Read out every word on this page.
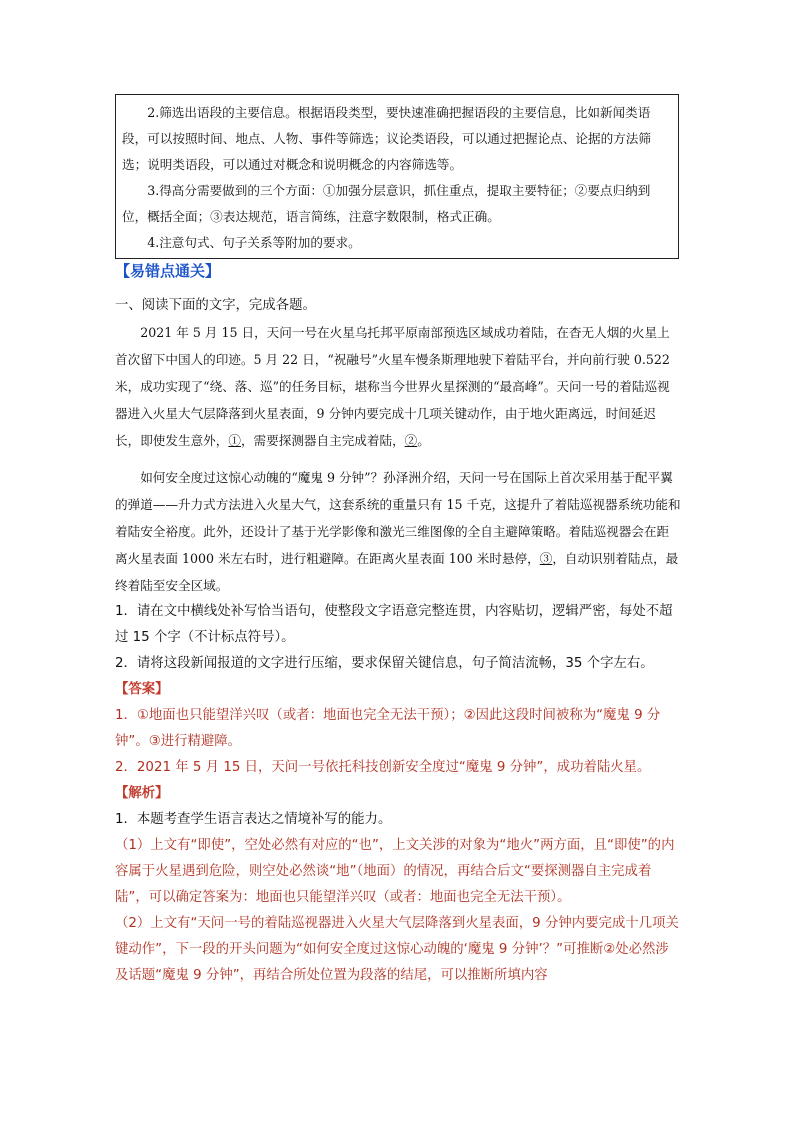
2.筛选出语段的主要信息。根据语段类型，要快速准确把握语段的主要信息，比如新闻类语段，可以按照时间、地点、人物、事件等筛选；议论类语段，可以通过把握论点、论据的方法筛选；说明类语段，可以通过对概念和说明概念的内容筛选等。

3.得高分需要做到的三个方面：①加强分层意识，抓住重点，提取主要特征；②要点归纳到位，概括全面；③表达规范，语言简练，注意字数限制，格式正确。

4.注意句式、句子关系等附加的要求。

【易错点通关】

一、阅读下面的文字，完成各题。

2021 年 5 月 15 日，天问一号在火星乌托邦平原南部预选区域成功着陆，在杳无人烟的火星上首次留下中国人的印迹。5 月 22 日，“祝融号”火星车慢条斯理地驶下着陆平台，并向前行驶 0.522 米，成功实现了“绕、落、巡”的任务目标，堪称当今世界火星探测的“最高峰”。天问一号的着陆巡视器进入火星大气层降落到火星表面，9 分钟内要完成十几项关键动作，由于地火距离远，时间延迟长，即使发生意外，①，需要探测器自主完成着陆，②。

如何安全度过这惊心动魄的“魔鬼 9 分钟”？孙泽洲介绍，天问一号在国际上首次采用基于配平翼的弹道——升力式方法进入火星大气，这套系统的重量只有 15 千克，这提升了着陆巡视器系统功能和着陆安全裕度。此外，还设计了基于光学影像和激光三维图像的全自主避障策略。着陆巡视器会在距离火星表面 1000 米左右时，进行粗避障。在距离火星表面 100 米时悬停，③，自动识别着陆点，最终着陆至安全区域。

1．请在文中横线处补写恰当语句，使整段文字语意完整连贯，内容贴切，逻辑严密，每处不超过 15 个字（不计标点符号）。

2．请将这段新闻报道的文字进行压缩，要求保留关键信息，句子简洁流畅，35 个字左右。

【答案】

1．①地面也只能望洋兴叹（或者：地面也完全无法干预）；②因此这段时间被称为“魔鬼 9 分钟”。③进行精避障。

2．2021 年 5 月 15 日，天问一号依托科技创新安全度过“魔鬼 9 分钟”，成功着陆火星。

【解析】

1．本题考查学生语言表达之情境补写的能力。

（1）上文有“即使”，空处必然有对应的“也”，上文关涉的对象为“地火”两方面，且“即使”的内容属于火星遇到危险，则空处必然谈“地”（地面）的情况，再结合后文“要探测器自主完成着陆”，可以确定答案为：地面也只能望洋兴叹（或者：地面也完全无法干预）。

（2）上文有“天问一号的着陆巡视器进入火星大气层降落到火星表面，9 分钟内要完成十几项关键动作”，下一段的开头问题为“如何安全度过这惊心动魄的‘魔鬼 9 分钟’？”可推断②处必然涉及话题“魔鬼 9 分钟”，再结合所处位置为段落的结尾，可以推断所填内容
